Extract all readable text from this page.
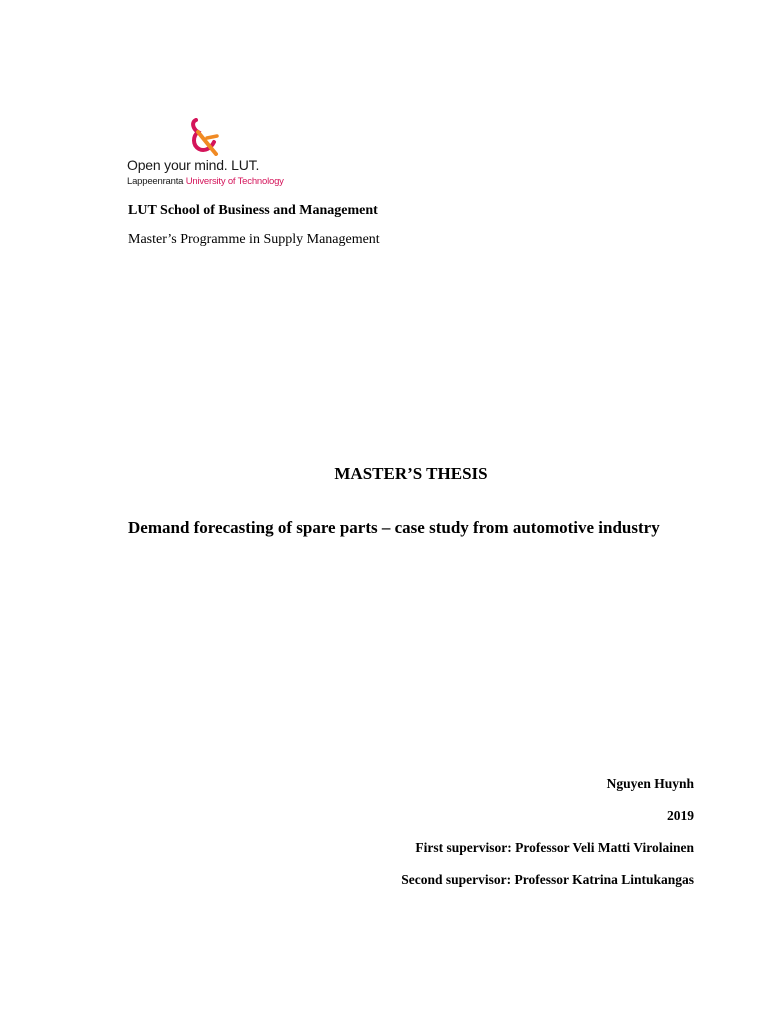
Open your mind. LUT.
Lappeenranta University of Technology
LUT School of Business and Management
Master’s Programme in Supply Management
MASTER’S THESIS
Demand forecasting of spare parts – case study from automotive industry
Nguyen Huynh
2019
First supervisor: Professor Veli Matti Virolainen
Second supervisor: Professor Katrina Lintukangas
